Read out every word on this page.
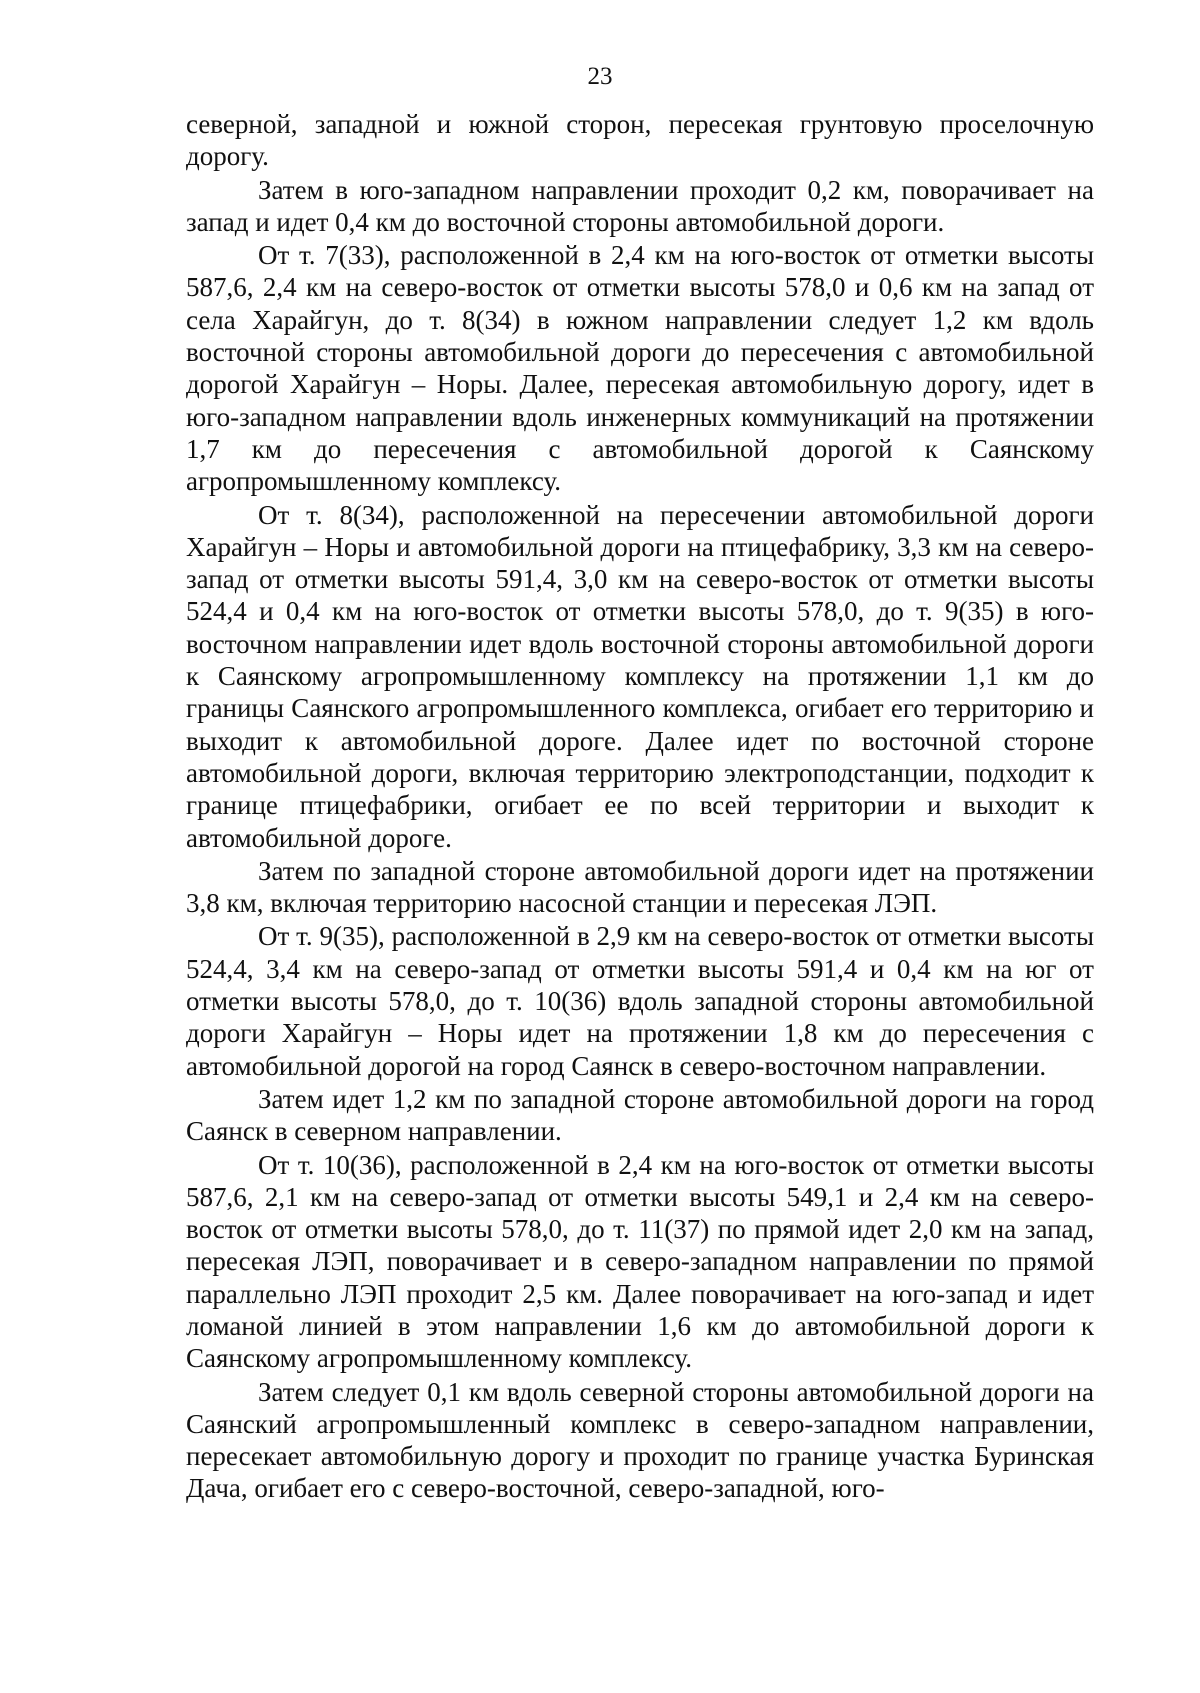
23

северной, западной и южной сторон, пересекая грунтовую проселочную дорогу.

Затем в юго-западном направлении проходит 0,2 км, поворачивает на запад и идет 0,4 км до восточной стороны автомобильной дороги.

От т. 7(33), расположенной в 2,4 км на юго-восток от отметки высоты 587,6, 2,4 км на северо-восток от отметки высоты 578,0 и 0,6 км на запад от села Харайгун, до т. 8(34) в южном направлении следует 1,2 км вдоль восточной стороны автомобильной дороги до пересечения с автомобильной дорогой Харайгун – Норы. Далее, пересекая автомобильную дорогу, идет в юго-западном направлении вдоль инженерных коммуникаций на протяжении 1,7 км до пересечения с автомобильной дорогой к Саянскому агропромышленному комплексу.

От т. 8(34), расположенной на пересечении автомобильной дороги Харайгун – Норы и автомобильной дороги на птицефабрику, 3,3 км на северо-запад от отметки высоты 591,4, 3,0 км на северо-восток от отметки высоты 524,4 и 0,4 км на юго-восток от отметки высоты 578,0, до т. 9(35) в юго-восточном направлении идет вдоль восточной стороны автомобильной дороги к Саянскому агропромышленному комплексу на протяжении 1,1 км до границы Саянского агропромышленного комплекса, огибает его территорию и выходит к автомобильной дороге. Далее идет по восточной стороне автомобильной дороги, включая территорию электроподстанции, подходит к границе птицефабрики, огибает ее по всей территории и выходит к автомобильной дороге.

Затем по западной стороне автомобильной дороги идет на протяжении 3,8 км, включая территорию насосной станции и пересекая ЛЭП.

От т. 9(35), расположенной в 2,9 км на северо-восток от отметки высоты 524,4, 3,4 км на северо-запад от отметки высоты 591,4 и 0,4 км на юг от отметки высоты 578,0, до т. 10(36) вдоль западной стороны автомобильной дороги Харайгун – Норы идет на протяжении 1,8 км до пересечения с автомобильной дорогой на город Саянск в северо-восточном направлении.

Затем идет 1,2 км по западной стороне автомобильной дороги на город Саянск в северном направлении.

От т. 10(36), расположенной в 2,4 км на юго-восток от отметки высоты 587,6, 2,1 км на северо-запад от отметки высоты 549,1 и 2,4 км на северо-восток от отметки высоты 578,0, до т. 11(37) по прямой идет 2,0 км на запад, пересекая ЛЭП, поворачивает и в северо-западном направлении по прямой параллельно ЛЭП проходит 2,5 км. Далее поворачивает на юго-запад и идет ломаной линией в этом направлении 1,6 км до автомобильной дороги к Саянскому агропромышленному комплексу.

Затем следует 0,1 км вдоль северной стороны автомобильной дороги на Саянский агропромышленный комплекс в северо-западном направлении, пересекает автомобильную дорогу и проходит по границе участка Буринская Дача, огибает его с северо-восточной, северо-западной, юго-
